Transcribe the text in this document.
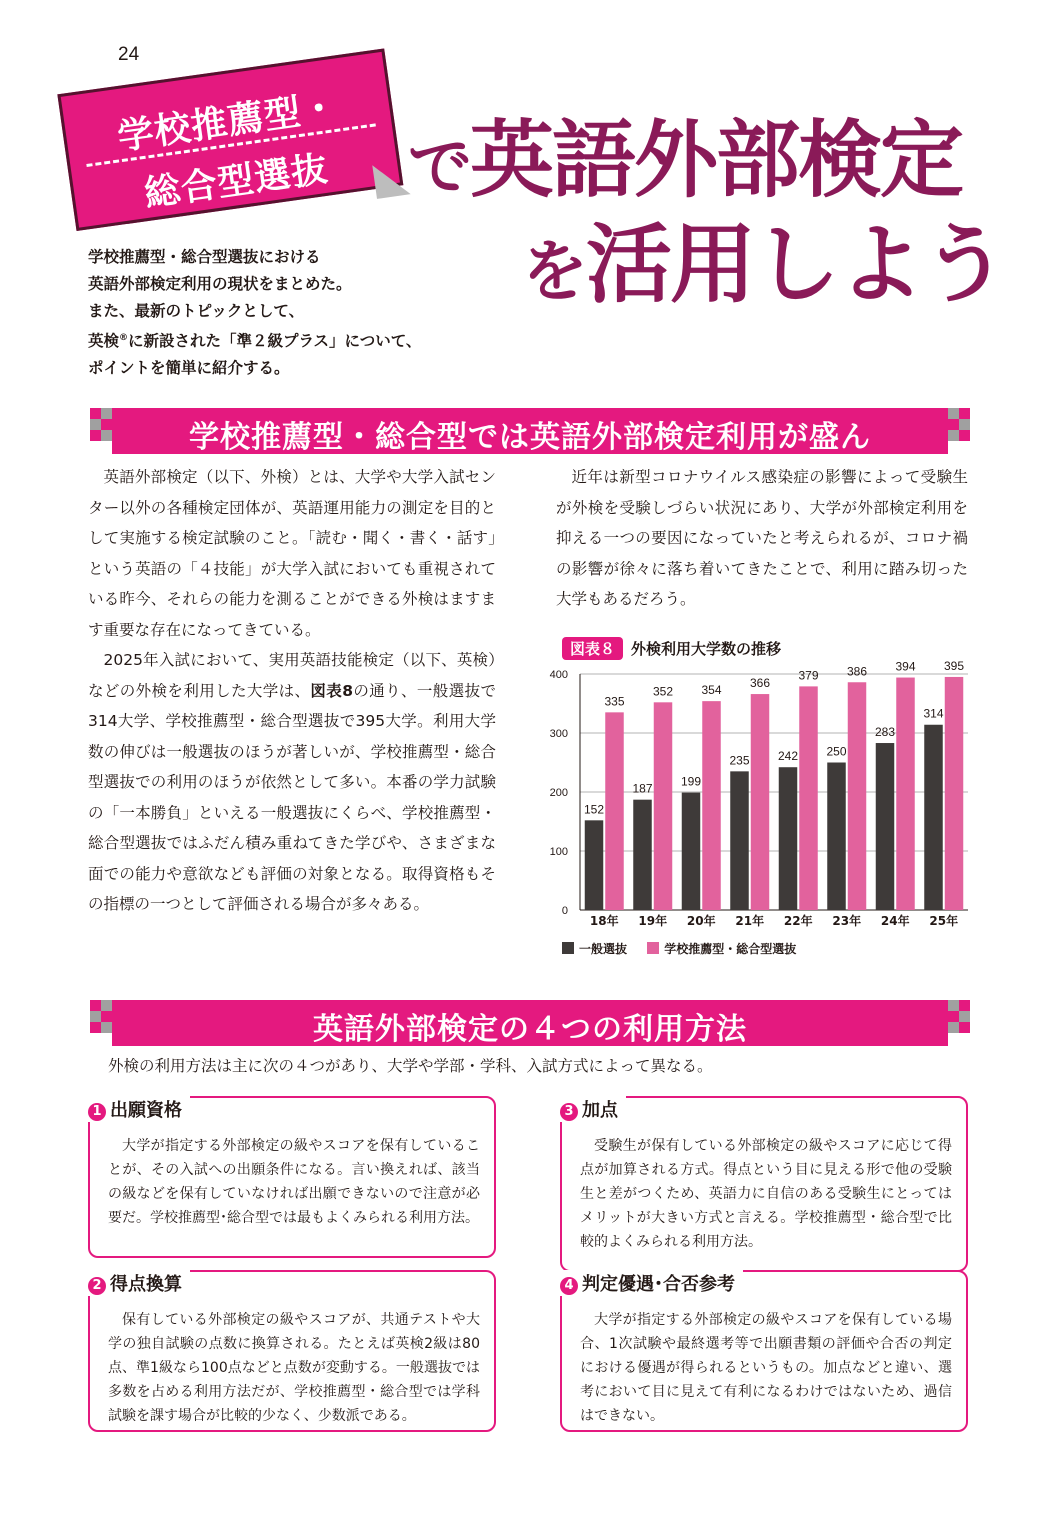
24
学校推薦型・
総合型選抜	で英語外部検定
を活用しよう
学校推薦型・総合型選抜における
英語外部検定利用の現状をまとめた。
また、最新のトピックとして、
英検®に新設された「準２級プラス」について、
ポイントを簡単に紹介する。
学校推薦型・総合型では英語外部検定利用が盛ん

英語外部検定（以下、外検）とは、大学や大学入試センター以外の各種検定団体が、英語運用能力の測定を目的として実施する検定試験のこと。「読む・聞く・書く・話す」という英語の「４技能」が大学入試においても重視されている昨今、それらの能力を測ることができる外検はますます重要な存在になってきている。

2025年入試において、実用英語技能検定（以下、英検）などの外検を利用した大学は、図表8の通り、一般選抜で314大学、学校推薦型・総合型選抜で395大学。利用大学数の伸びは一般選抜のほうが著しいが、学校推薦型・総合型選抜での利用のほうが依然として多い。本番の学力試験の「一本勝負」といえる一般選抜にくらべ、学校推薦型・総合型選抜ではふだん積み重ねてきた学びや、さまざまな面での能力や意欲なども評価の対象となる。取得資格もその指標の一つとして評価される場合が多々ある。

近年は新型コロナウイルス感染症の影響によって受験生が外検を受験しづらい状況にあり、大学が外部検定利用を抑える一つの要因になっていたと考えられるが、コロナ禍の影響が徐々に落ち着いてきたことで、利用に踏み切った大学もあるだろう。

図表８ 外検利用大学数の推移
0
100
200
300
400
152
335
18年
187
352
19年
199
354
20年
235
366
21年
242
379
22年
250
386
23年
283
394
24年
314
395
25年
一般選抜	学校推薦型・総合型選抜
英語外部検定の４つの利用方法
外検の利用方法は主に次の４つがあり、大学や学部・学科、入試方式によって異なる。
1 出願資格

大学が指定する外部検定の級やスコアを保有していることが、その入試への出願条件になる。言い換えれば、該当の級などを保有していなければ出願できないので注意が必要だ。学校推薦型･総合型では最もよくみられる利用方法。

2 得点換算

保有している外部検定の級やスコアが、共通テストや大学の独自試験の点数に換算される。たとえば英検2級は80点、準1級なら100点などと点数が変動する。一般選抜では多数を占める利用方法だが、学校推薦型・総合型では学科試験を課す場合が比較的少なく、少数派である。

3 加点

受験生が保有している外部検定の級やスコアに応じて得点が加算される方式。得点という目に見える形で他の受験生と差がつくため、英語力に自信のある受験生にとってはメリットが大きい方式と言える。学校推薦型・総合型で比較的よくみられる利用方法。

4 判定優遇･合否参考

大学が指定する外部検定の級やスコアを保有している場合、1次試験や最終選考等で出願書類の評価や合否の判定における優遇が得られるというもの。加点などと違い、選考において目に見えて有利になるわけではないため、過信はできない。
